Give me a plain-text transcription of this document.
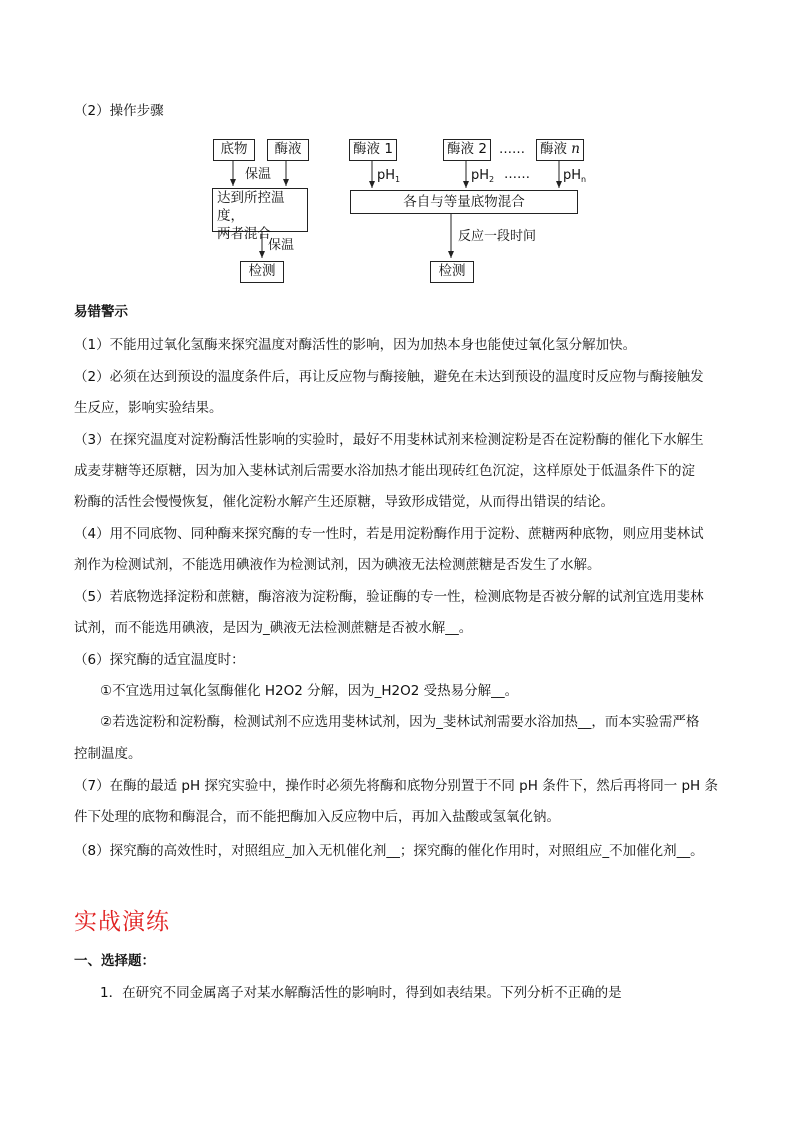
（2）操作步骤
底物	酶液
保温
达到所控温度，
两者混合
保温
检测
酶液 1	酶液 2 …… 酶液 n
$pH_1$	$pH_2$ ……	$pH_n$
各自与等量底物混合
反应一段时间
检测
易错警示
（1）不能用过氧化氢酶来探究温度对酶活性的影响，因为加热本身也能使过氧化氢分解加快。
（2）必须在达到预设的温度条件后，再让反应物与酶接触，避免在未达到预设的温度时反应物与酶接触发
生反应，影响实验结果。
（3）在探究温度对淀粉酶活性影响的实验时，最好不用斐林试剂来检测淀粉是否在淀粉酶的催化下水解生
成麦芽糖等还原糖，因为加入斐林试剂后需要水浴加热才能出现砖红色沉淀，这样原处于低温条件下的淀
粉酶的活性会慢慢恢复，催化淀粉水解产生还原糖，导致形成错觉，从而得出错误的结论。
（4）用不同底物、同种酶来探究酶的专一性时，若是用淀粉酶作用于淀粉、蔗糖两种底物，则应用斐林试
剂作为检测试剂，不能选用碘液作为检测试剂，因为碘液无法检测蔗糖是否发生了水解。
（5）若底物选择淀粉和蔗糖，酶溶液为淀粉酶，验证酶的专一性，检测底物是否被分解的试剂宜选用斐林
试剂，而不能选用碘液，是因为_碘液无法检测蔗糖是否被水解__。
（6）探究酶的适宜温度时：
①不宜选用过氧化氢酶催化 H2O2 分解，因为_H2O2 受热易分解__。
②若选淀粉和淀粉酶，检测试剂不应选用斐林试剂，因为_斐林试剂需要水浴加热__，而本实验需严格
控制温度。
（7）在酶的最适 pH 探究实验中，操作时必须先将酶和底物分别置于不同 pH 条件下，然后再将同一 pH 条
件下处理的底物和酶混合，而不能把酶加入反应物中后，再加入盐酸或氢氧化钠。
（8）探究酶的高效性时，对照组应_加入无机催化剂__；探究酶的催化作用时，对照组应_不加催化剂__。
实战演练
一、选择题：
1．在研究不同金属离子对某水解酶活性的影响时，得到如表结果。下列分析不正确的是
